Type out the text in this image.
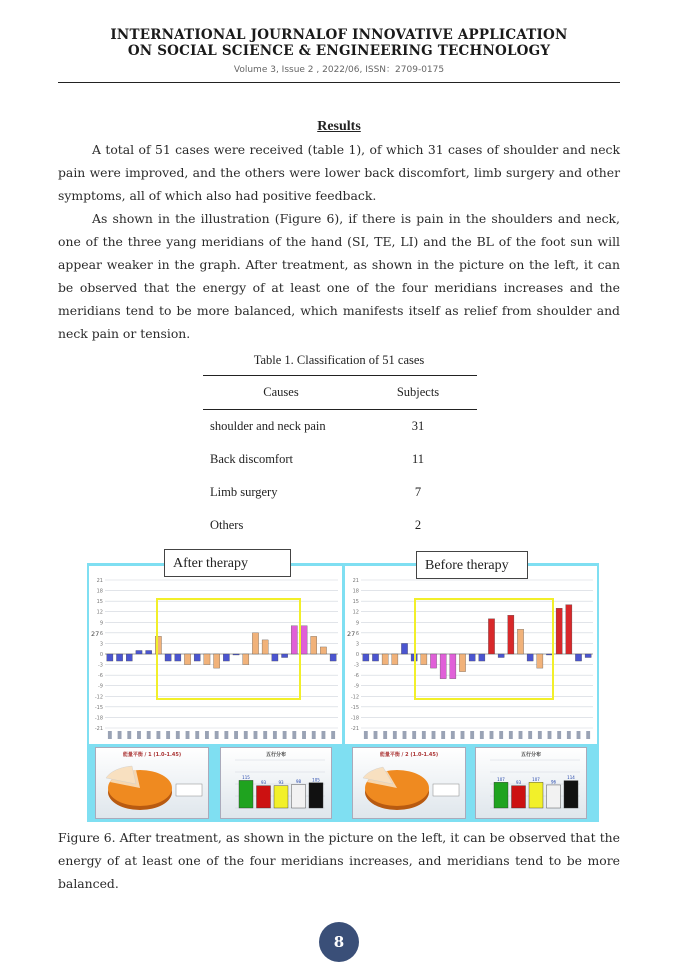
INTERNATIONAL JOURNALOF INNOVATIVE APPLICATION
ON SOCIAL SCIENCE & ENGINEERING TECHNOLOGY
Volume 3, Issue 2 , 2022/06, ISSN：2709-0175
Results
A total of 51 cases were received (table 1), of which 31 cases of shoulder and neck pain were improved, and the others were lower back discomfort, limb surgery and other symptoms, all of which also had positive feedback.
As shown in the illustration (Figure 6), if there is pain in the shoulders and neck, one of the three yang meridians of the hand (SI, TE, LI) and the BL of the foot sun will appear weaker in the graph. After treatment, as shown in the picture on the left, it can be observed that the energy of at least one of the four meridians increases and the meridians tend to be more balanced, which manifests itself as relief from shoulder and neck pain or tension.
Table 1. Classification of 51 cases
Causes	Subjects
shoulder and neck pain	31
Back discomfort	11
Limb surgery	7
Others	2
21
18
15
12
9
6
3
0
-3
-6
-9
-12
-15
-18
-21
27
21
18
15
12
9
6
3
0
-3
-6
-9
-12
-15
-18
-21
27
能量平衡 / 1 (1.0-1.45)	五行分布
115
93	93	98	105
能量平衡 / 2 (1.0-1.45)	五行分布
107
93
107
96
114
After therapy	Before therapy
Figure 6. After treatment, as shown in the picture on the left, it can be observed that the energy of at least one of the four meridians increases, and meridians tend to be more balanced.
8
